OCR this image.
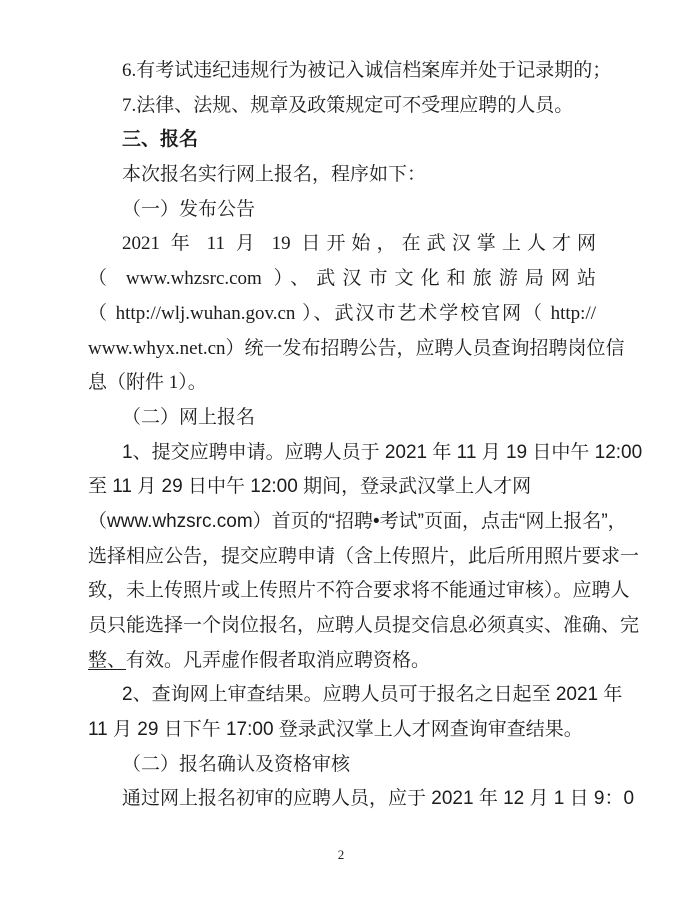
6.有考试违纪违规行为被记入诚信档案库并处于记录期的；
7.法律、法规、规章及政策规定可不受理应聘的人员。
三、报名
本次报名实行网上报名，程序如下：
（一）发布公告
2021 年 11 月 19 日开始，在武汉掌上人才网
（ www.whzsrc.com ）、武汉市文化和旅游局网站
（ http://wlj.wuhan.gov.cn ）、武汉市艺术学校官网（ http://
www.whyx.net.cn）统一发布招聘公告，应聘人员查询招聘岗位信
息（附件 1）。
（二）网上报名
1、提交应聘申请。应聘人员于 2021 年 11 月 19 日中午 12:00
至 11 月 29 日中午 12:00 期间，登录武汉掌上人才网
（www.whzsrc.com）首页的“招聘•考试”页面，点击“网上报名”，
选择相应公告，提交应聘申请（含上传照片，此后所用照片要求一
致，未上传照片或上传照片不符合要求将不能通过审核）。应聘人
员只能选择一个岗位报名，应聘人员提交信息必须真实、准确、完
整、有效。凡弄虚作假者取消应聘资格。
2、查询网上审查结果。应聘人员可于报名之日起至 2021 年
11 月 29 日下午 17:00 登录武汉掌上人才网查询审查结果。
（二）报名确认及资格审核
通过网上报名初审的应聘人员，应于 2021 年 12 月 1 日 9：0
2
